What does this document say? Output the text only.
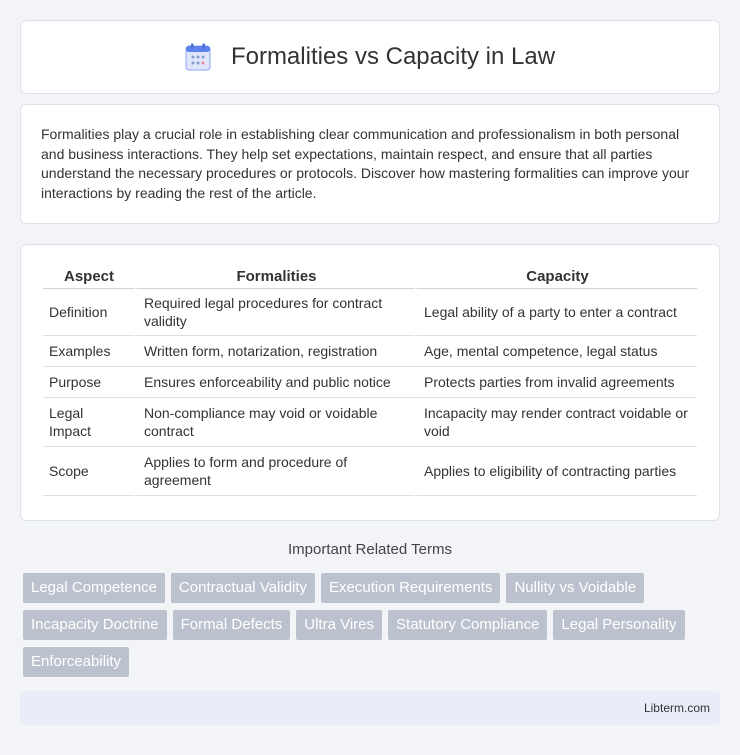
Formalities vs Capacity in Law

Formalities play a crucial role in establishing clear communication and professionalism in both personal and business interactions. They help set expectations, maintain respect, and ensure that all parties understand the necessary procedures or protocols. Discover how mastering formalities can improve your interactions by reading the rest of the article.

Aspect	Formalities	Capacity
Definition	Required legal procedures for contract validity	Legal ability of a party to enter a contract
Examples	Written form, notarization, registration	Age, mental competence, legal status
Purpose	Ensures enforceability and public notice	Protects parties from invalid agreements
Legal Impact	Non-compliance may void or voidable contract	Incapacity may render contract voidable or void
Scope	Applies to form and procedure of agreement	Applies to eligibility of contracting parties
Important Related Terms
Legal Competence	Contractual Validity	Execution Requirements	Nullity vs Voidable
Incapacity Doctrine	Formal Defects	Ultra Vires	Statutory Compliance	Legal Personality
Enforceability
Libterm.com
